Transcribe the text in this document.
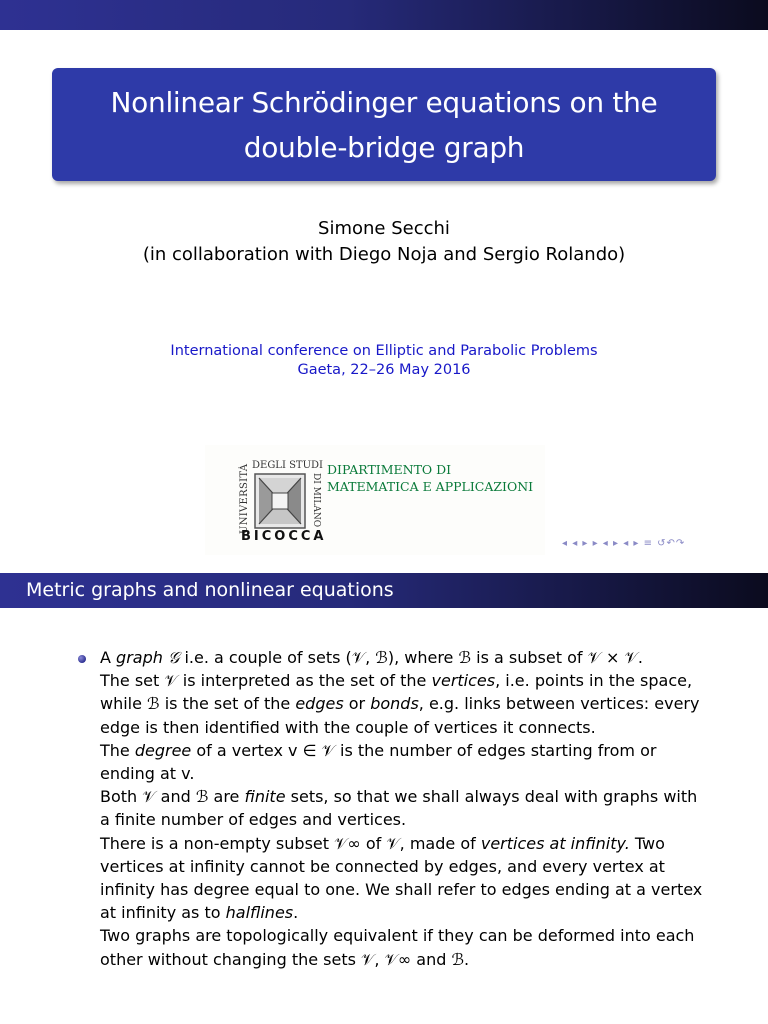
Nonlinear Schrödinger equations on the
double-bridge graph
Simone Secchi
(in collaboration with Diego Noja and Sergio Rolando)
International conference on Elliptic and Parabolic Problems
Gaeta, 22–26 May 2016
UNIVERSITÀ DEGLI STUDI
DI MILANO
BICOCCA
DIPARTIMENTO DI
MATEMATICA E APPLICAZIONI
◂ ◂ ▸ ▸ ◂ ▸ ◂ ▸ ≡ ↺↶↷
Metric graphs and nonlinear equations

A graph 𝒢 i.e. a couple of sets (𝒱, ℬ), where ℬ is a subset of 𝒱 × 𝒱.

The set 𝒱 is interpreted as the set of the vertices, i.e. points in the space,

while ℬ is the set of the edges or bonds, e.g. links between vertices: every

edge is then identified with the couple of vertices it connects.

The degree of a vertex v ∈ 𝒱 is the number of edges starting from or

ending at v.

Both 𝒱 and ℬ are finite sets, so that we shall always deal with graphs with

a finite number of edges and vertices.

There is a non-empty subset 𝒱∞ of 𝒱, made of vertices at infinity. Two

vertices at infinity cannot be connected by edges, and every vertex at

infinity has degree equal to one. We shall refer to edges ending at a vertex

at infinity as to halflines.

Two graphs are topologically equivalent if they can be deformed into each

other without changing the sets 𝒱, 𝒱∞ and ℬ.
